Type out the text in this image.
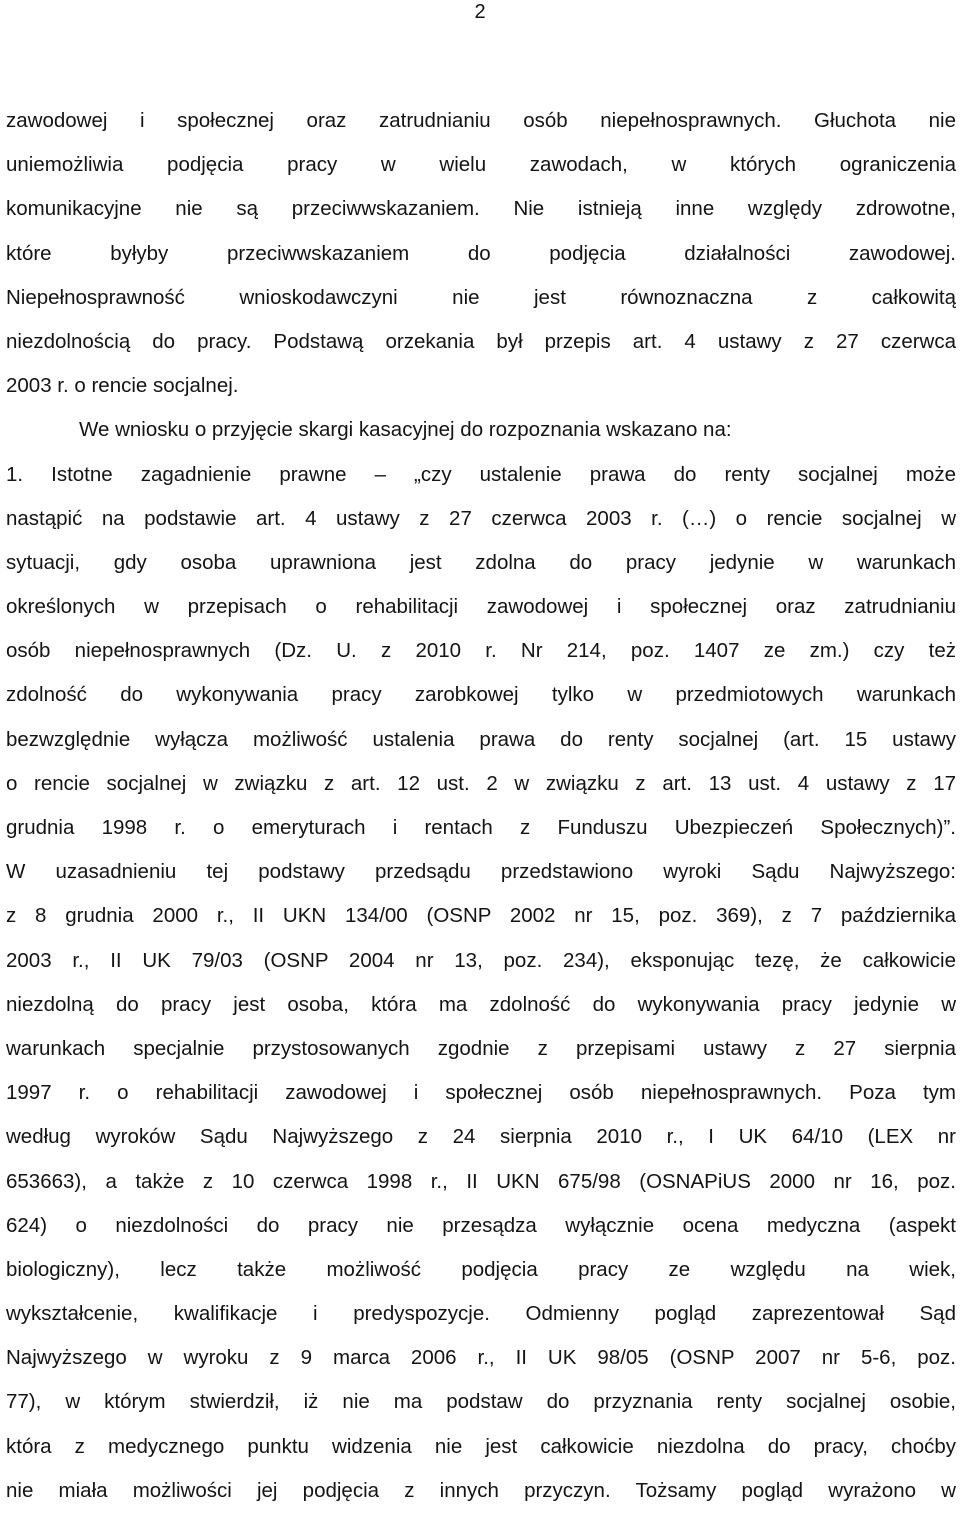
2
zawodowej i społecznej oraz zatrudnianiu osób niepełnosprawnych. Głuchota nie
uniemożliwia podjęcia pracy w wielu zawodach, w których ograniczenia
komunikacyjne nie są przeciwwskazaniem. Nie istnieją inne względy zdrowotne,
które byłyby przeciwwskazaniem do podjęcia działalności zawodowej.
Niepełnosprawność wnioskodawczyni nie jest równoznaczna z całkowitą
niezdolnością do pracy. Podstawą orzekania był przepis art. 4 ustawy z 27 czerwca
2003 r. o rencie socjalnej.
We wniosku o przyjęcie skargi kasacyjnej do rozpoznania wskazano na:
1. Istotne zagadnienie prawne – „czy ustalenie prawa do renty socjalnej może
nastąpić na podstawie art. 4 ustawy z 27 czerwca 2003 r. (…) o rencie socjalnej w
sytuacji, gdy osoba uprawniona jest zdolna do pracy jedynie w warunkach
określonych w przepisach o rehabilitacji zawodowej i społecznej oraz zatrudnianiu
osób niepełnosprawnych (Dz. U. z 2010 r. Nr 214, poz. 1407 ze zm.) czy też
zdolność do wykonywania pracy zarobkowej tylko w przedmiotowych warunkach
bezwzględnie wyłącza możliwość ustalenia prawa do renty socjalnej (art. 15 ustawy
o rencie socjalnej w związku z art. 12 ust. 2 w związku z art. 13 ust. 4 ustawy z 17
grudnia 1998 r. o emeryturach i rentach z Funduszu Ubezpieczeń Społecznych)”.
W uzasadnieniu tej podstawy przedsądu przedstawiono wyroki Sądu Najwyższego:
z 8 grudnia 2000 r., II UKN 134/00 (OSNP 2002 nr 15, poz. 369), z 7 października
2003 r., II UK 79/03 (OSNP 2004 nr 13, poz. 234), eksponując tezę, że całkowicie
niezdolną do pracy jest osoba, która ma zdolność do wykonywania pracy jedynie w
warunkach specjalnie przystosowanych zgodnie z przepisami ustawy z 27 sierpnia
1997 r. o rehabilitacji zawodowej i społecznej osób niepełnosprawnych. Poza tym
według wyroków Sądu Najwyższego z 24 sierpnia 2010 r., I UK 64/10 (LEX nr
653663), a także z 10 czerwca 1998 r., II UKN 675/98 (OSNAPiUS 2000 nr 16, poz.
624) o niezdolności do pracy nie przesądza wyłącznie ocena medyczna (aspekt
biologiczny), lecz także możliwość podjęcia pracy ze względu na wiek,
wykształcenie, kwalifikacje i predyspozycje. Odmienny pogląd zaprezentował Sąd
Najwyższego w wyroku z 9 marca 2006 r., II UK 98/05 (OSNP 2007 nr 5-6, poz.
77), w którym stwierdził, iż nie ma podstaw do przyznania renty socjalnej osobie,
która z medycznego punktu widzenia nie jest całkowicie niezdolna do pracy, choćby
nie miała możliwości jej podjęcia z innych przyczyn. Tożsamy pogląd wyrażono w
